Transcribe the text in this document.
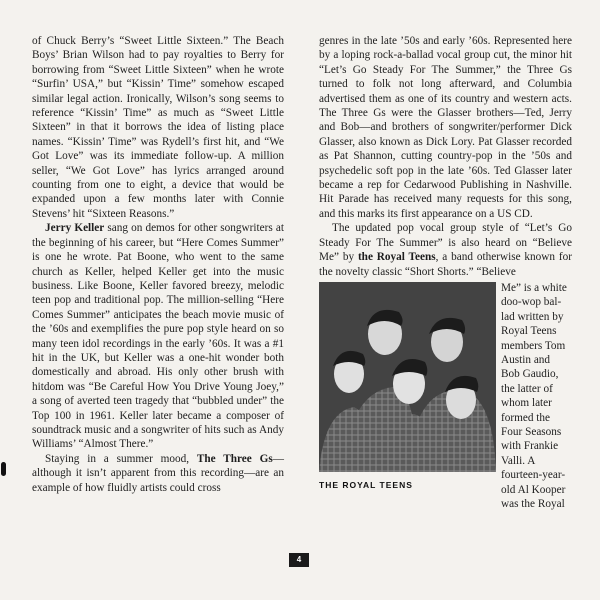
of Chuck Berry’s “Sweet Little Sixteen.” The Beach Boys’ Brian Wilson had to pay royalties to Berry for borrowing from “Sweet Little Sixteen” when he wrote “Surfin’ USA,” but “Kissin’ Time” somehow escaped similar legal action. Ironically, Wilson’s song seems to reference “Kissin’ Time” as much as “Sweet Little Sixteen” in that it borrows the idea of listing place names. “Kissin’ Time” was Rydell’s first hit, and “We Got Love” was its immediate follow-up. A million seller, “We Got Love” has lyrics arranged around counting from one to eight, a device that would be expanded upon a few months later with Connie Stevens’ hit “Sixteen Reasons.”

Jerry Keller sang on demos for other songwriters at the beginning of his career, but “Here Comes Summer” is one he wrote. Pat Boone, who went to the same church as Keller, helped Keller get into the music business. Like Boone, Keller favored breezy, melodic teen pop and traditional pop. The million-selling “Here Comes Summer” anticipates the beach movie music of the ’60s and exemplifies the pure pop style heard on so many teen idol recordings in the early ’60s. It was a #1 hit in the UK, but Keller was a one-hit wonder both domestically and abroad. His only other brush with hitdom was “Be Careful How You Drive Young Joey,” a song of averted teen tragedy that “bubbled under” the Top 100 in 1961. Keller later became a composer of soundtrack music and a songwriter of hits such as Andy Williams’ “Almost There.”

Staying in a summer mood, The Three Gs— although it isn’t apparent from this recording—are an example of how fluidly artists could cross

genres in the late ’50s and early ’60s. Represented here by a loping rock-a-ballad vocal group cut, the minor hit “Let’s Go Steady For The Summer,” the Three Gs turned to folk not long afterward, and Columbia advertised them as one of its country and western acts. The Three Gs were the Glasser brothers—Ted, Jerry and Bob—and brothers of songwriter/performer Dick Glasser, also known as Dick Lory. Pat Glasser recorded as Pat Shannon, cutting country-pop in the ’50s and psychedelic soft pop in the late ’60s. Ted Glasser later became a rep for Cedarwood Publishing in Nashville. Hit Parade has received many requests for this song, and this marks its first appearance on a US CD.

The updated pop vocal group style of “Let’s Go Steady For The Summer” is also heard on “Believe Me” by the Royal Teens, a band otherwise known for the novelty classic “Short Shorts.” “Believe

THE ROYAL TEENS
Me” is a white
doo-wop bal-
lad written by
Royal Teens
members Tom
Austin and
Bob Gaudio,
the latter of
whom later
formed the
Four Seasons
with Frankie
Valli. A
fourteen-year-
old Al Kooper
was the Royal
4
